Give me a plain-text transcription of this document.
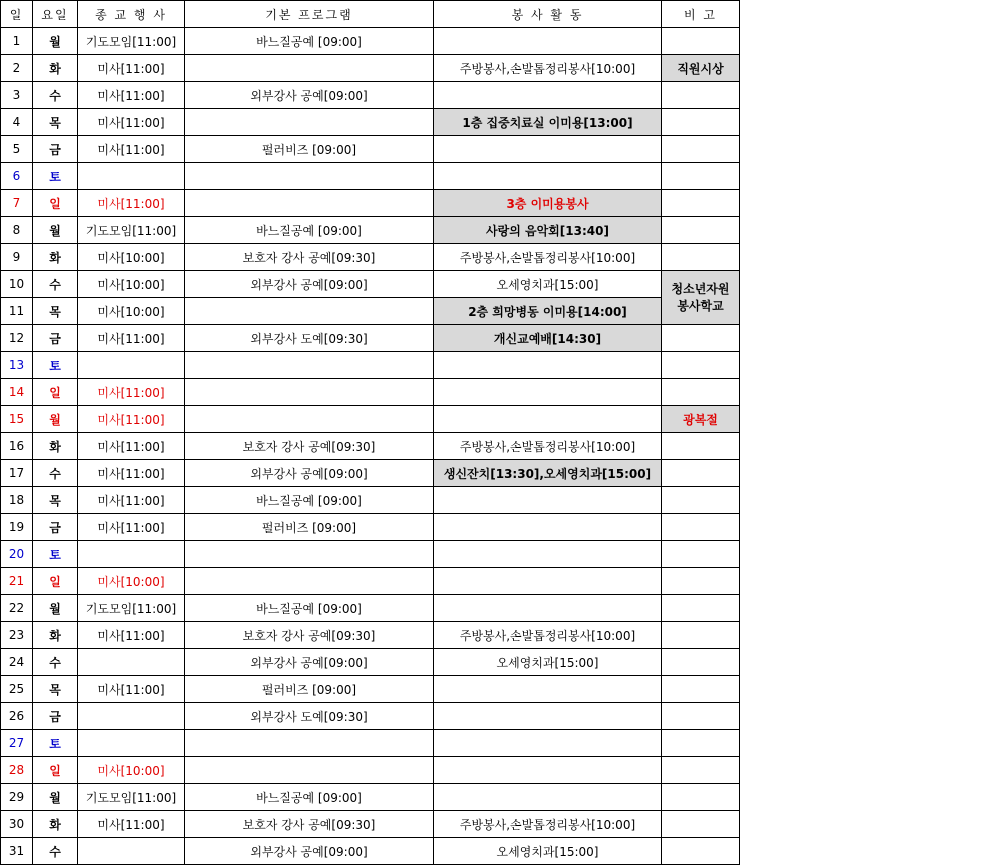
일	요일	종 교 행 사	기본 프로그램	봉 사 활 동	비 고
1	월	기도모임[11:00]	바느질공예 [09:00]		
2	화	미사[11:00]		주방봉사,손발톱정리봉사[10:00]	직원시상
3	수	미사[11:00]	외부강사 공예[09:00]		
4	목	미사[11:00]		1층 집중치료실 이미용[13:00]	
5	금	미사[11:00]	펄러비즈 [09:00]		
6	토				
7	일	미사[11:00]		3층 이미용봉사	
8	월	기도모임[11:00]	바느질공예 [09:00]	사랑의 음악회[13:40]	
9	화	미사[10:00]	보호자 강사 공예[09:30]	주방봉사,손발톱정리봉사[10:00]	
10	수	미사[10:00]	외부강사 공예[09:00]	오세영치과[15:00]	청소년자원
봉사학교
11	목	미사[10:00]		2층 희망병동 이미용[14:00]	
12	금	미사[11:00]	외부강사 도예[09:30]	개신교예배[14:30]	
13	토				
14	일	미사[11:00]			
15	월	미사[11:00]			광복절
16	화	미사[11:00]	보호자 강사 공예[09:30]	주방봉사,손발톱정리봉사[10:00]	
17	수	미사[11:00]	외부강사 공예[09:00]	생신잔치[13:30],오세영치과[15:00]	
18	목	미사[11:00]	바느질공예 [09:00]		
19	금	미사[11:00]	펄러비즈 [09:00]		
20	토				
21	일	미사[10:00]			
22	월	기도모임[11:00]	바느질공예 [09:00]		
23	화	미사[11:00]	보호자 강사 공예[09:30]	주방봉사,손발톱정리봉사[10:00]	
24	수		외부강사 공예[09:00]	오세영치과[15:00]	
25	목	미사[11:00]	펄러비즈 [09:00]		
26	금		외부강사 도예[09:30]		
27	토				
28	일	미사[10:00]			
29	월	기도모임[11:00]	바느질공예 [09:00]		
30	화	미사[11:00]	보호자 강사 공예[09:30]	주방봉사,손발톱정리봉사[10:00]	
31	수		외부강사 공예[09:00]	오세영치과[15:00]	
